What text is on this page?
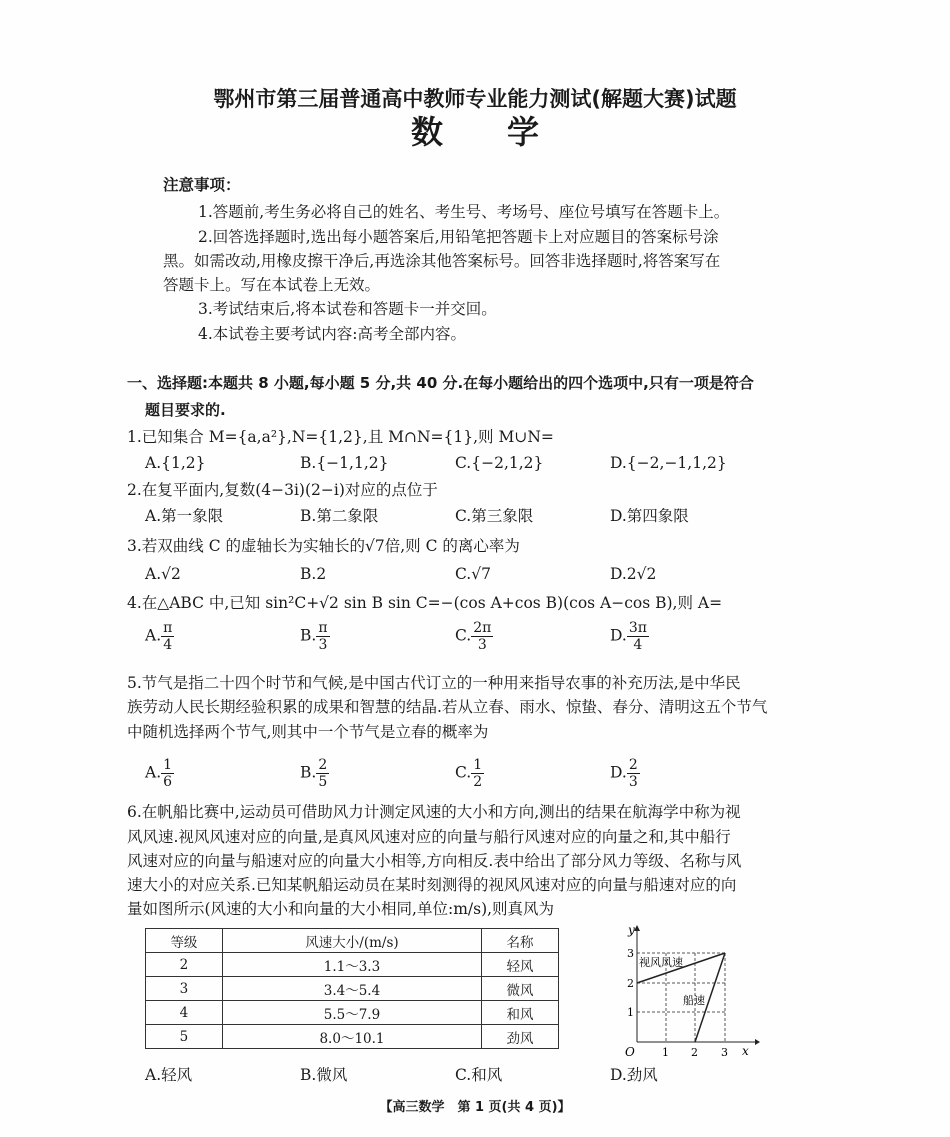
鄂州市第三届普通高中教师专业能力测试(解题大赛)试题
数　　学
注意事项：
1.答题前,考生务必将自己的姓名、考生号、考场号、座位号填写在答题卡上。
2.回答选择题时,选出每小题答案后,用铅笔把答题卡上对应题目的答案标号涂
黑。如需改动,用橡皮擦干净后,再选涂其他答案标号。回答非选择题时,将答案写在
答题卡上。写在本试卷上无效。
3.考试结束后,将本试卷和答题卡一并交回。
4.本试卷主要考试内容:高考全部内容。
一、选择题:本题共 8 小题,每小题 5 分,共 40 分.在每小题给出的四个选项中,只有一项是符合
题目要求的.
1.已知集合 M={a,a²},N={1,2},且 M∩N={1},则 M∪N=
A.{1,2}	B.{−1,1,2}	C.{−2,1,2}	D.{−2,−1,1,2}
2.在复平面内,复数(4−3i)(2−i)对应的点位于
A.第一象限	B.第二象限	C.第三象限	D.第四象限
3.若双曲线 C 的虚轴长为实轴长的√7倍,则 C 的离心率为
A.√2	B.2	C.√7	D.2√2
4.在△ABC 中,已知 sin²C+√2 sin B sin C=−(cos A+cos B)(cos A−cos B),则 A=
A. $\frac{\pi}{4}$	B. $\frac{\pi}{3}$	C. $\frac{2\pi}{3}$	D. $\frac{3\pi}{4}$
5.节气是指二十四个时节和气候,是中国古代订立的一种用来指导农事的补充历法,是中华民
族劳动人民长期经验积累的成果和智慧的结晶.若从立春、雨水、惊蛰、春分、清明这五个节气
中随机选择两个节气,则其中一个节气是立春的概率为
A. $\frac{1}{6}$	B. $\frac{2}{5}$	C. $\frac{1}{2}$	D. $\frac{2}{3}$
6.在帆船比赛中,运动员可借助风力计测定风速的大小和方向,测出的结果在航海学中称为视
风风速.视风风速对应的向量,是真风风速对应的向量与船行风速对应的向量之和,其中船行
风速对应的向量与船速对应的向量大小相等,方向相反.表中给出了部分风力等级、名称与风
速大小的对应关系.已知某帆船运动员在某时刻测得的视风风速对应的向量与船速对应的向
量如图所示(风速的大小和向量的大小相同,单位:m/s),则真风为
等级	风速大小/(m/s)	名称
2	1.1～3.3	轻风
3	3.4～5.4	微风
4	5.5～7.9	和风
5	8.0～10.1	劲风
y
x
O 1 2 3
1
2
3
视风风速
船速
A.轻风	B.微风	C.和风	D.劲风
【高三数学　第 1 页(共 4 页)】
